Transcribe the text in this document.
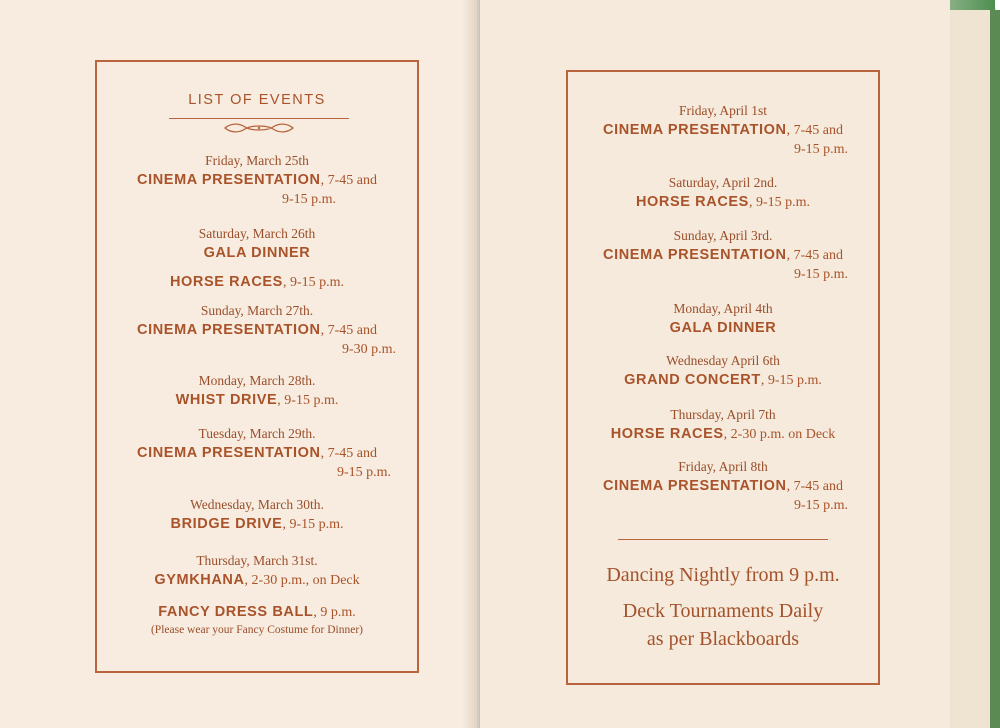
LIST OF EVENTS
Friday, March 25th
CINEMA PRESENTATION, 7-45 and
9-15 p.m.
Saturday, March 26th
GALA DINNER
HORSE RACES, 9-15 p.m.
Sunday, March 27th.
CINEMA PRESENTATION, 7-45 and
9-30 p.m.
Monday, March 28th.
WHIST DRIVE, 9-15 p.m.
Tuesday, March 29th.
CINEMA PRESENTATION, 7-45 and
9-15 p.m.
Wednesday, March 30th.
BRIDGE DRIVE, 9-15 p.m.
Thursday, March 31st.
GYMKHANA, 2-30 p.m., on Deck
FANCY DRESS BALL, 9 p.m.
(Please wear your Fancy Costume for Dinner)
Friday, April 1st
CINEMA PRESENTATION, 7-45 and
9-15 p.m.
Saturday, April 2nd.
HORSE RACES, 9-15 p.m.
Sunday, April 3rd.
CINEMA PRESENTATION, 7-45 and
9-15 p.m.
Monday, April 4th
GALA DINNER
Wednesday April 6th
GRAND CONCERT, 9-15 p.m.
Thursday, April 7th
HORSE RACES, 2-30 p.m. on Deck
Friday, April 8th
CINEMA PRESENTATION, 7-45 and
9-15 p.m.
Dancing Nightly from 9 p.m.
Deck Tournaments Daily
as per Blackboards
